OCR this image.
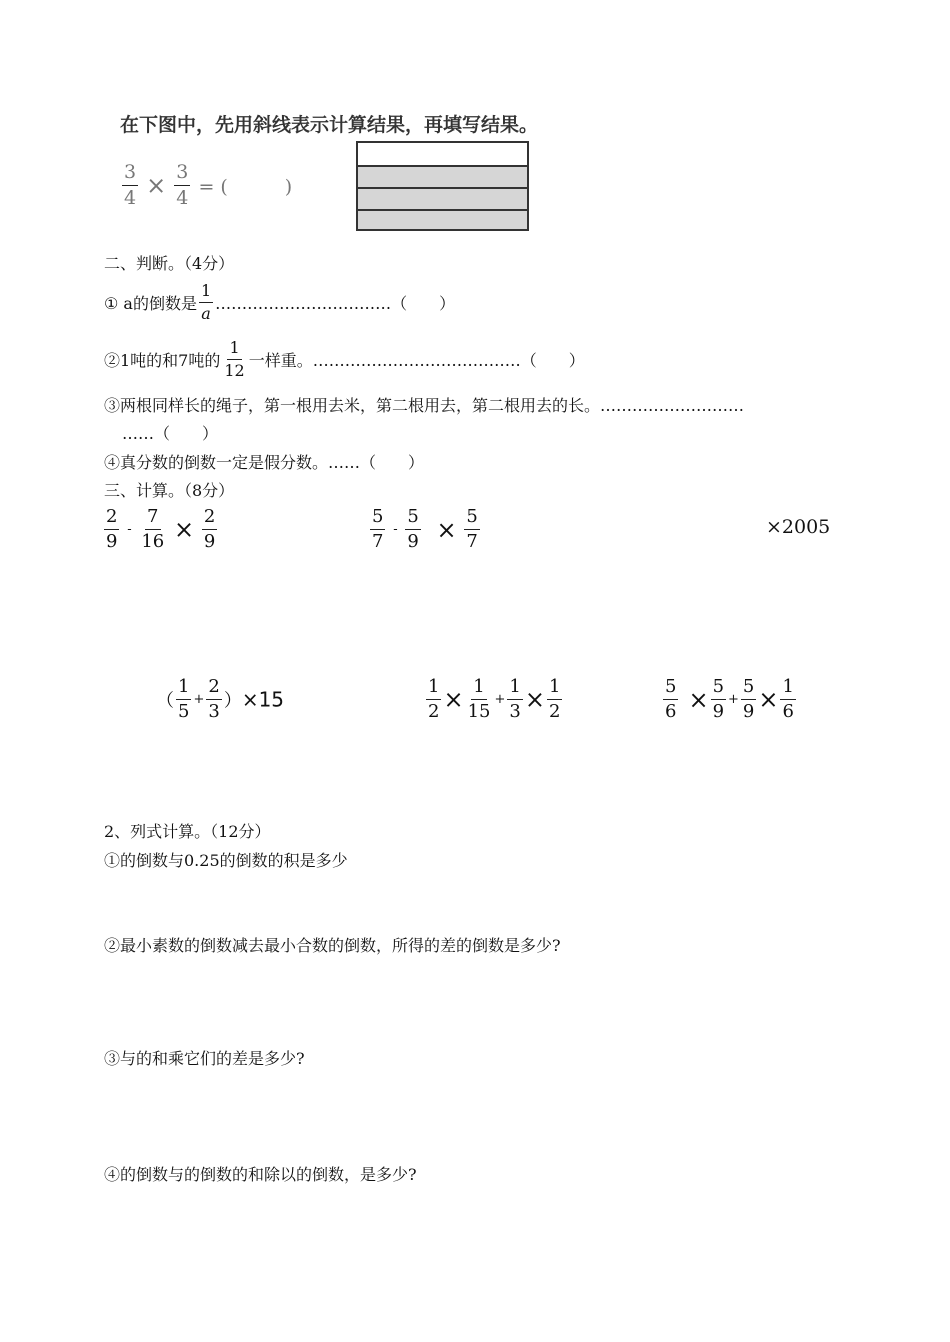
在下图中，先用斜线表示计算结果，再填写结果。
$\frac{3}{4} \times \frac{3}{4}$ = (　　　)
二、判断。（4分）
① a的倒数是 $\frac{1}{a}$ ……………………………（　　）
②1吨的和7吨的 $\frac{1}{12}$ 一样重。…………………………………（　　）
③两根同样长的绳子，第一根用去米，第二根用去，第二根用去的长。………………………
……（　　）
④真分数的倒数一定是假分数。……（　　）
三、计算。（8分）
$\frac{2}{9} - \frac{7}{16} \times \frac{2}{9}$	$\frac{5}{7} - \frac{5}{9} \times \frac{5}{7}$	×2005
（ $\frac{1}{5} + \frac{2}{3} )\times 15$	$\frac{1}{2} \times \frac{1}{15} + \frac{1}{3} \times \frac{1}{2}$	$\frac{5}{6} \times \frac{5}{9} + \frac{5}{9} \times \frac{1}{6}$
2、列式计算。（12分）
①的倒数与0.25的倒数的积是多少
②最小素数的倒数减去最小合数的倒数，所得的差的倒数是多少?
③与的和乘它们的差是多少?
④的倒数与的倒数的和除以的倒数，是多少?
